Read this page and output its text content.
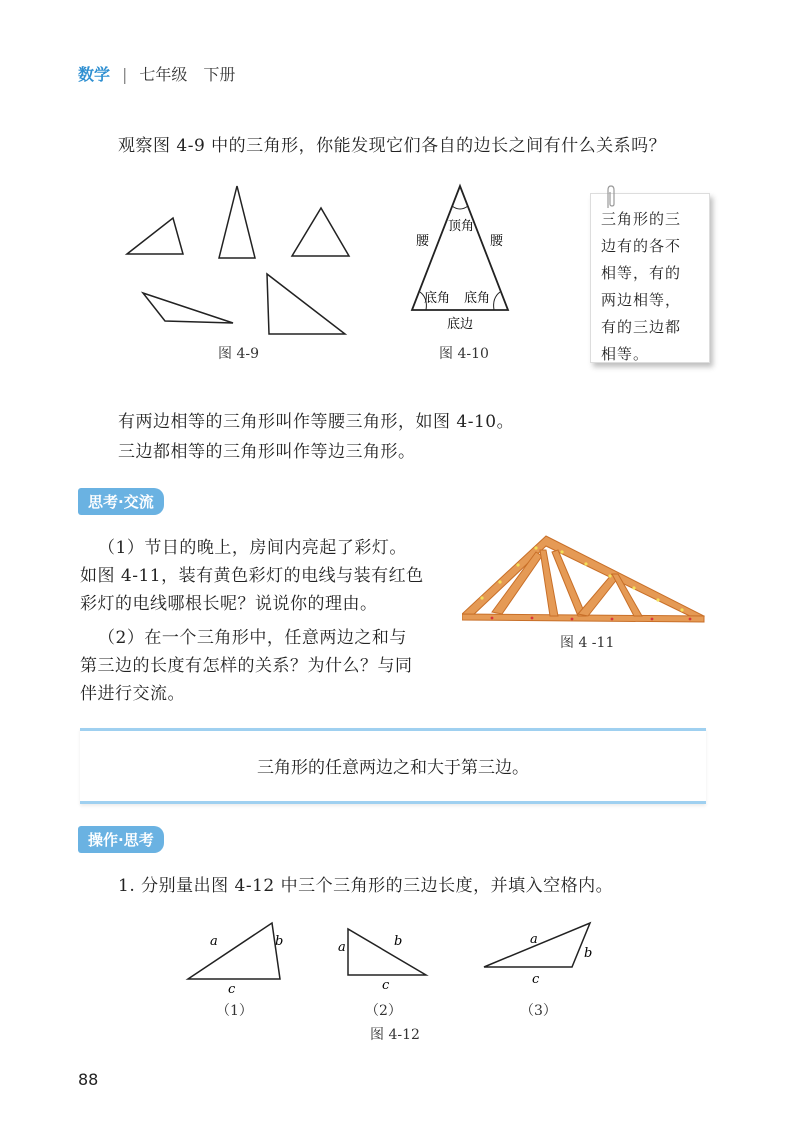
数学 | 七年级　下册

观察图 4-9 中的三角形，你能发现它们各自的边长之间有什么关系吗？

图 4-9
顶角
腰	腰
底角 底角
底边
图 4-10
三角形的三
边有的各不
相等，有的
两边相等，
有的三边都
相等。

有两边相等的三角形叫作等腰三角形，如图 4-10。

三边都相等的三角形叫作等边三角形。

思考·交流

（1）节日的晚上，房间内亮起了彩灯。

如图 4-11，装有黄色彩灯的电线与装有红色

彩灯的电线哪根长呢？说说你的理由。

（2）在一个三角形中，任意两边之和与

第三边的长度有怎样的关系？为什么？与同

伴进行交流。

图 4 -11
三角形的任意两边之和大于第三边。
操作·思考

1. 分别量出图 4-12 中三个三角形的三边长度，并填入空格内。

a	b
c
a	b
c
a
b
c
（1）	（2）	（3）
图 4-12
88
